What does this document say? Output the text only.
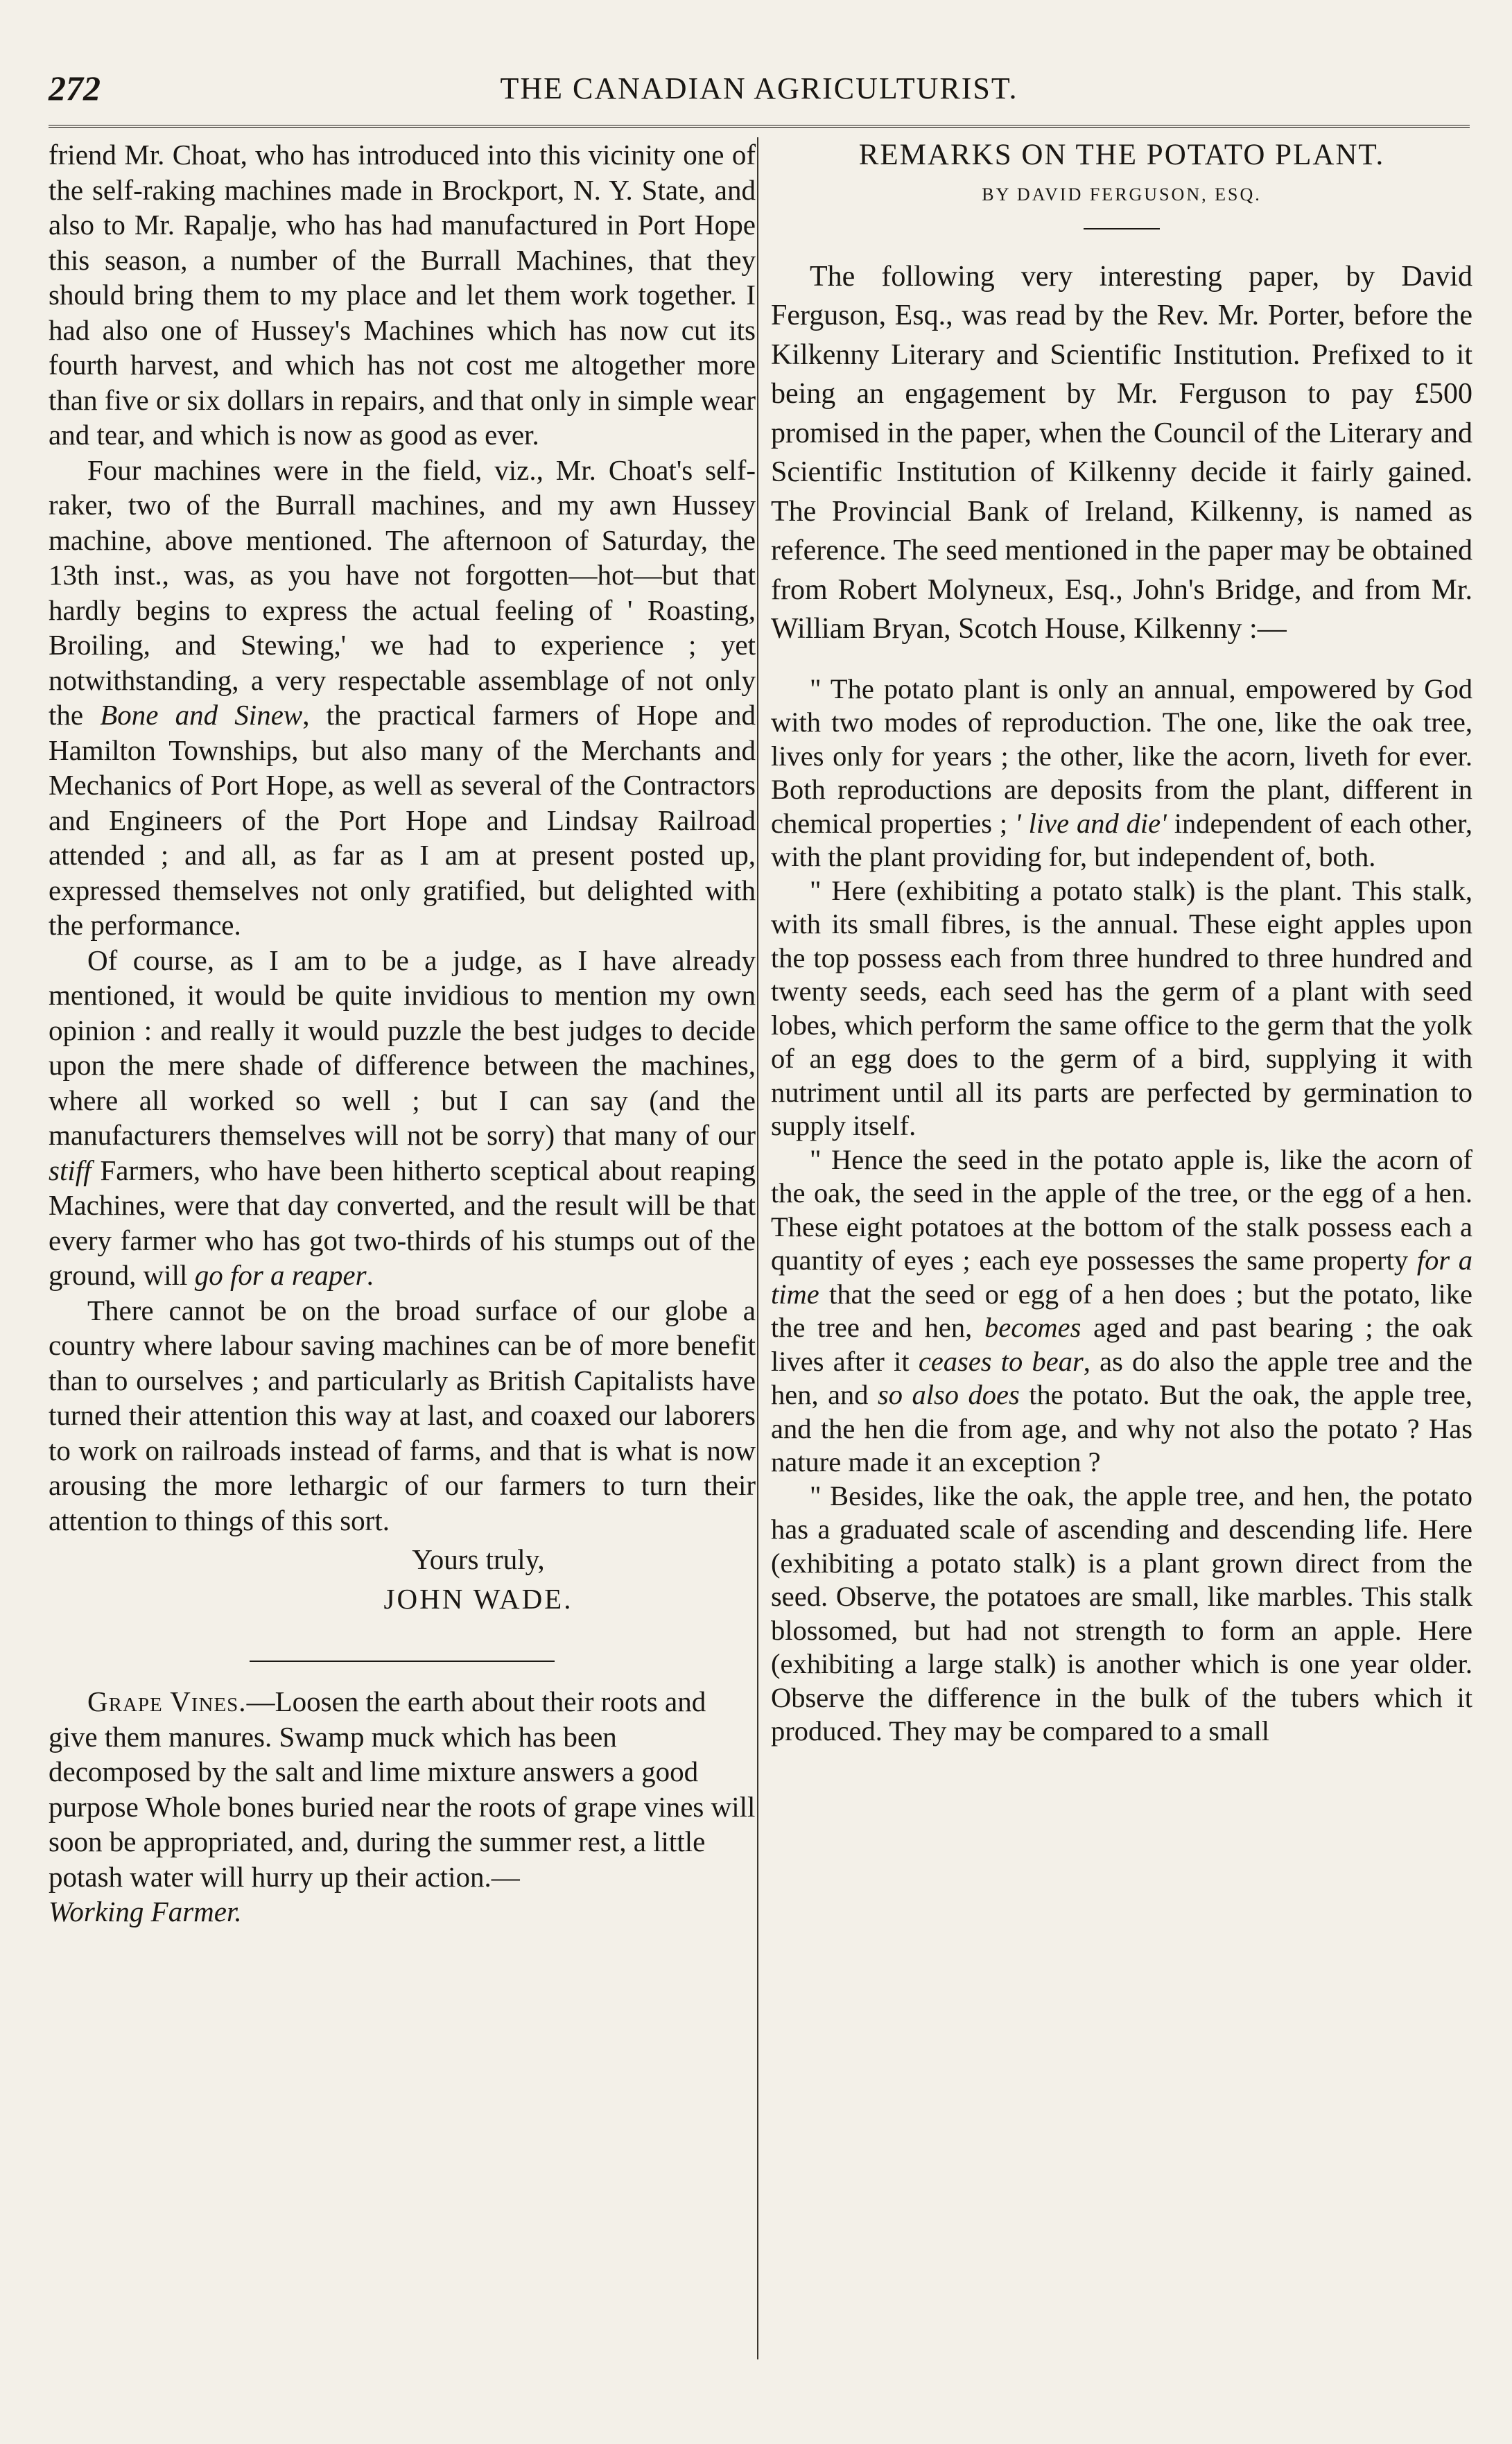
272	THE CANADIAN AGRICULTURIST.

friend Mr. Choat, who has introduced into this vicinity one of the self-raking machines made in Brockport, N. Y. State, and also to Mr. Rapalje, who has had manufactured in Port Hope this season, a number of the Burrall Machines, that they should bring them to my place and let them work together. I had also one of Hussey's Machines which has now cut its fourth harvest, and which has not cost me altogether more than five or six dollars in repairs, and that only in simple wear and tear, and which is now as good as ever.

Four machines were in the field, viz., Mr. Choat's self-raker, two of the Burrall machines, and my awn Hussey machine, above mentioned. The afternoon of Saturday, the 13th inst., was, as you have not forgotten—hot—but that hardly begins to express the actual feeling of ' Roasting, Broiling, and Stewing,' we had to experience ; yet notwithstanding, a very respectable assemblage of not only the Bone and Sinew, the practical farmers of Hope and Hamilton Townships, but also many of the Merchants and Mechanics of Port Hope, as well as several of the Contractors and Engineers of the Port Hope and Lindsay Railroad attended ; and all, as far as I am at present posted up, expressed themselves not only gratified, but delighted with the performance.

Of course, as I am to be a judge, as I have already mentioned, it would be quite invidious to mention my own opinion : and really it would puzzle the best judges to decide upon the mere shade of difference between the machines, where all worked so well ; but I can say (and the manufacturers themselves will not be sorry) that many of our stiff Farmers, who have been hitherto sceptical about reaping Machines, were that day converted, and the result will be that every farmer who has got two-thirds of his stumps out of the ground, will go for a reaper.

There cannot be on the broad surface of our globe a country where labour saving machines can be of more benefit than to ourselves ; and particularly as British Capitalists have turned their attention this way at last, and coaxed our laborers to work on railroads instead of farms, and that is what is now arousing the more lethargic of our farmers to turn their attention to things of this sort.

Yours truly,
JOHN WADE.

Grape Vines.—Loosen the earth about their roots and give them manures. Swamp muck which has been decomposed by the salt and lime mixture answers a good purpose Whole bones buried near the roots of grape vines will soon be appropriated, and, during the summer rest, a little potash water will hurry up their action.—
Working Farmer.

REMARKS ON THE POTATO PLANT.
BY DAVID FERGUSON, ESQ.

The following very interesting paper, by David Ferguson, Esq., was read by the Rev. Mr. Porter, before the Kilkenny Literary and Scientific Institution. Prefixed to it being an engagement by Mr. Ferguson to pay £500 promised in the paper, when the Council of the Literary and Scientific Institution of Kilkenny decide it fairly gained. The Provincial Bank of Ireland, Kilkenny, is named as reference. The seed mentioned in the paper may be obtained from Robert Molyneux, Esq., John's Bridge, and from Mr. William Bryan, Scotch House, Kilkenny :—

" The potato plant is only an annual, empowered by God with two modes of reproduction. The one, like the oak tree, lives only for years ; the other, like the acorn, liveth for ever. Both reproductions are deposits from the plant, different in chemical properties ; ' live and die' independent of each other, with the plant providing for, but independent of, both.

" Here (exhibiting a potato stalk) is the plant. This stalk, with its small fibres, is the annual. These eight apples upon the top possess each from three hundred to three hundred and twenty seeds, each seed has the germ of a plant with seed lobes, which perform the same office to the germ that the yolk of an egg does to the germ of a bird, supplying it with nutriment until all its parts are perfected by germination to supply itself.

" Hence the seed in the potato apple is, like the acorn of the oak, the seed in the apple of the tree, or the egg of a hen. These eight potatoes at the bottom of the stalk possess each a quantity of eyes ; each eye possesses the same property for a time that the seed or egg of a hen does ; but the potato, like the tree and hen, becomes aged and past bearing ; the oak lives after it ceases to bear, as do also the apple tree and the hen, and so also does the potato. But the oak, the apple tree, and the hen die from age, and why not also the potato ? Has nature made it an exception ?

" Besides, like the oak, the apple tree, and hen, the potato has a graduated scale of ascending and descending life. Here (exhibiting a potato stalk) is a plant grown direct from the seed. Observe, the potatoes are small, like marbles. This stalk blossomed, but had not strength to form an apple. Here (exhibiting a large stalk) is another which is one year older. Observe the difference in the bulk of the tubers which it produced. They may be compared to a small
